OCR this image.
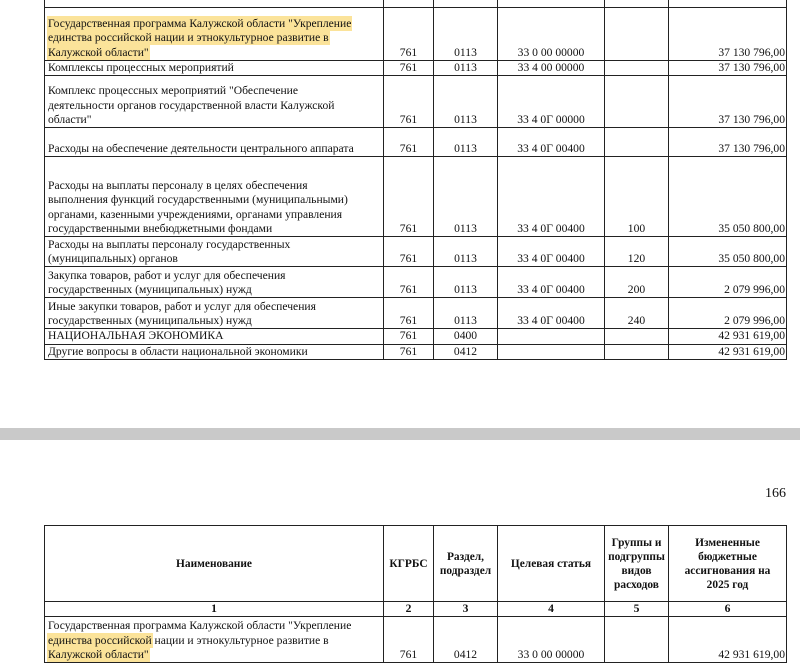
Государственная программа Калужской области "Укрепление
единства российской нации и этнокультурное развитие в
Калужской области"	761	0113	33 0 00 00000		37 130 796,00

Комплексы процессных мероприятий	761	0113	33 4 00 00000		37 130 796,00

Комплекс процессных мероприятий "Обеспечение
деятельности органов государственной власти Калужской
области"	761	0113	33 4 0Г 00000		37 130 796,00

Расходы на обеспечение деятельности центрального аппарата	761	0113	33 4 0Г 00400		37 130 796,00

Расходы на выплаты персоналу в целях обеспечения
выполнения функций государственными (муниципальными)
органами, казенными учреждениями, органами управления
государственными внебюджетными фондами	761	0113	33 4 0Г 00400	100	35 050 800,00

Расходы на выплаты персоналу государственных
(муниципальных) органов	761	0113	33 4 0Г 00400	120	35 050 800,00

Закупка товаров, работ и услуг для обеспечения
государственных (муниципальных) нужд	761	0113	33 4 0Г 00400	200	2 079 996,00

Иные закупки товаров, работ и услуг для обеспечения
государственных (муниципальных) нужд	761	0113	33 4 0Г 00400	240	2 079 996,00

НАЦИОНАЛЬНАЯ ЭКОНОМИКА	761	0400			42 931 619,00

Другие вопросы в области национальной экономики	761	0412			42 931 619,00
166
Наименование	КГРБС	Раздел, подраздел	Целевая статья	Группы и подгруппы видов расходов	Измененные бюджетные ассигнования на 2025 год
1	2	3	4	5	6

Государственная программа Калужской области "Укрепление
единства российской нации и этнокультурное развитие в
Калужской области"	761	0412	33 0 00 00000		42 931 619,00
